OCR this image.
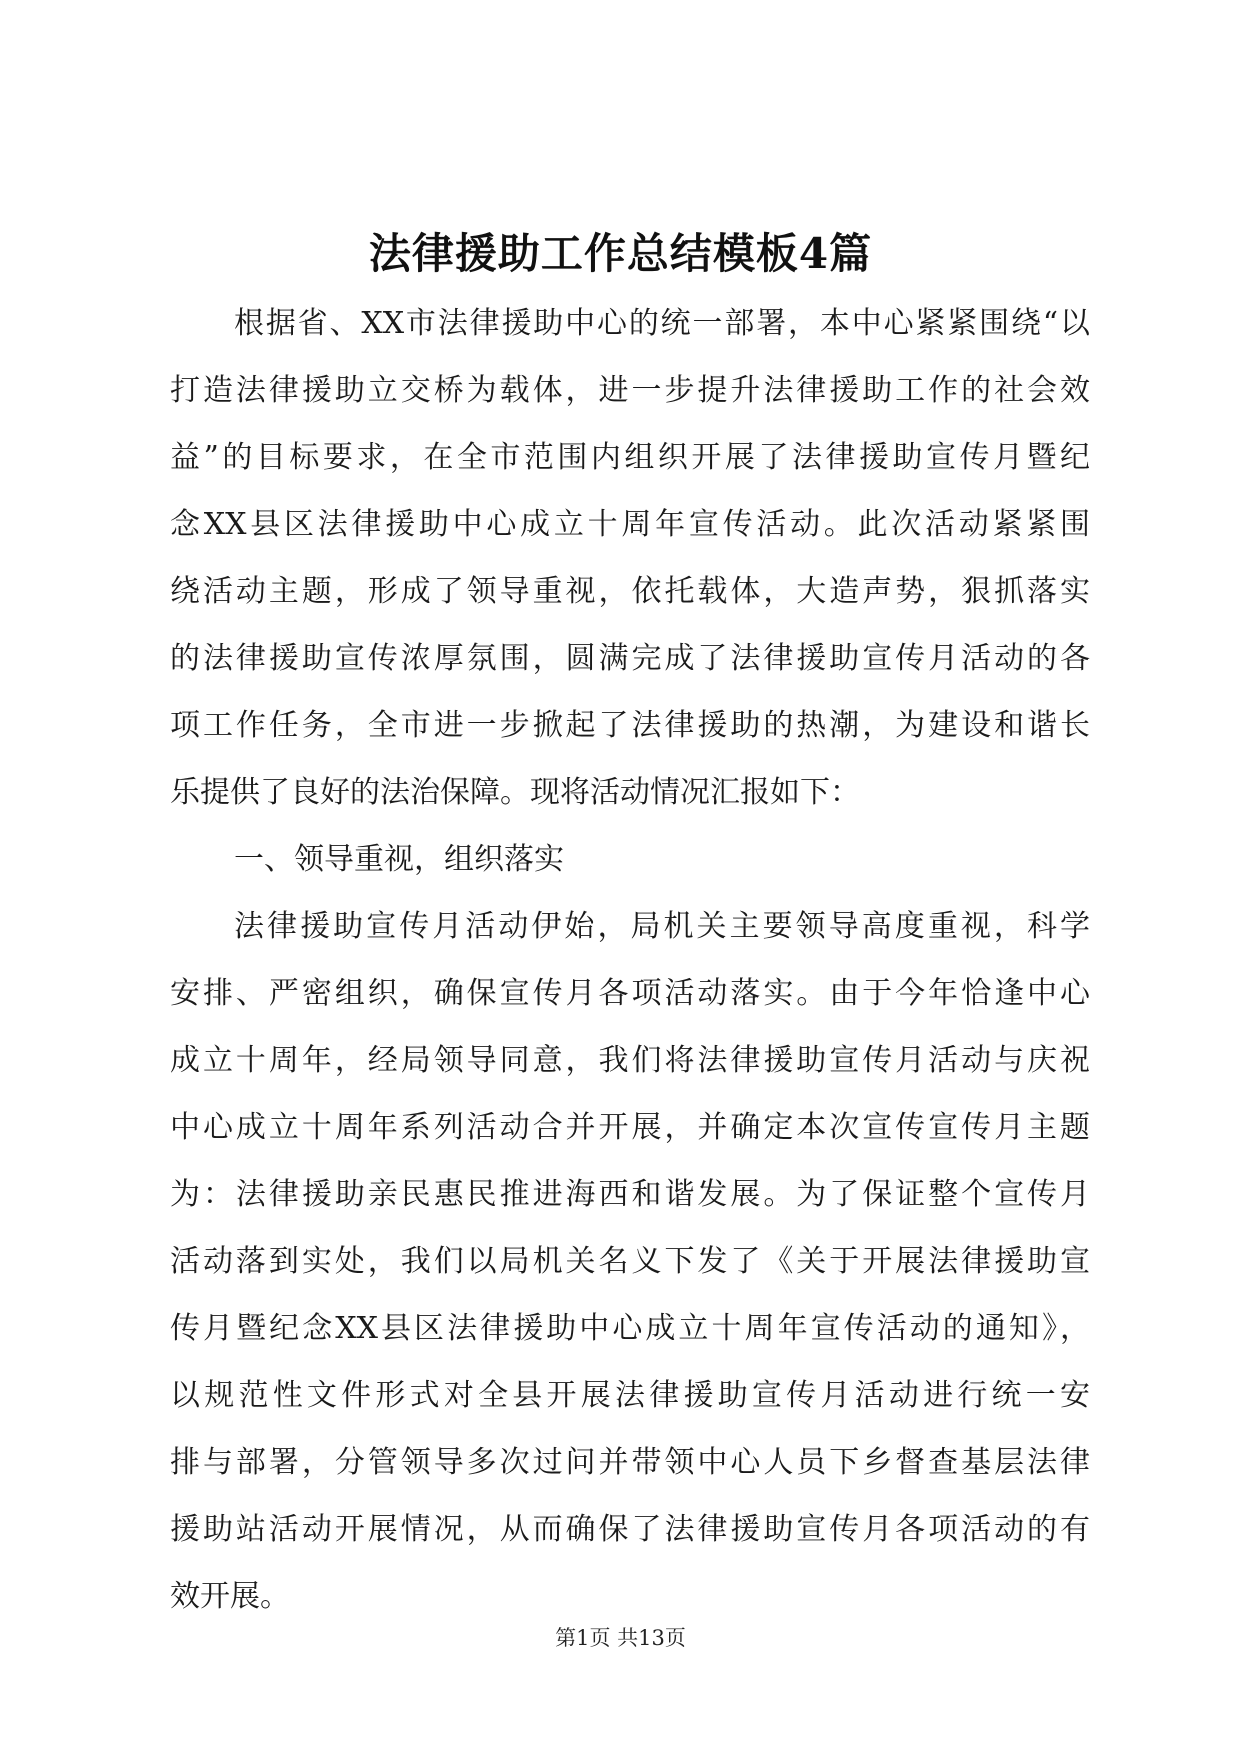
法律援助工作总结模板4篇
根据省、XX市法律援助中心的统一部署，本中心紧紧围绕“以
打造法律援助立交桥为载体，进一步提升法律援助工作的社会效
益”的目标要求，在全市范围内组织开展了法律援助宣传月暨纪
念XX县区法律援助中心成立十周年宣传活动。此次活动紧紧围
绕活动主题，形成了领导重视，依托载体，大造声势，狠抓落实
的法律援助宣传浓厚氛围，圆满完成了法律援助宣传月活动的各
项工作任务，全市进一步掀起了法律援助的热潮，为建设和谐长
乐提供了良好的法治保障。现将活动情况汇报如下：
一、领导重视，组织落实
法律援助宣传月活动伊始，局机关主要领导高度重视，科学
安排、严密组织，确保宣传月各项活动落实。由于今年恰逢中心
成立十周年，经局领导同意，我们将法律援助宣传月活动与庆祝
中心成立十周年系列活动合并开展，并确定本次宣传宣传月主题
为：法律援助亲民惠民推进海西和谐发展。为了保证整个宣传月
活动落到实处，我们以局机关名义下发了《关于开展法律援助宣
传月暨纪念XX县区法律援助中心成立十周年宣传活动的通知》，
以规范性文件形式对全县开展法律援助宣传月活动进行统一安
排与部署，分管领导多次过问并带领中心人员下乡督查基层法律
援助站活动开展情况，从而确保了法律援助宣传月各项活动的有
效开展。
第1页 共13页
